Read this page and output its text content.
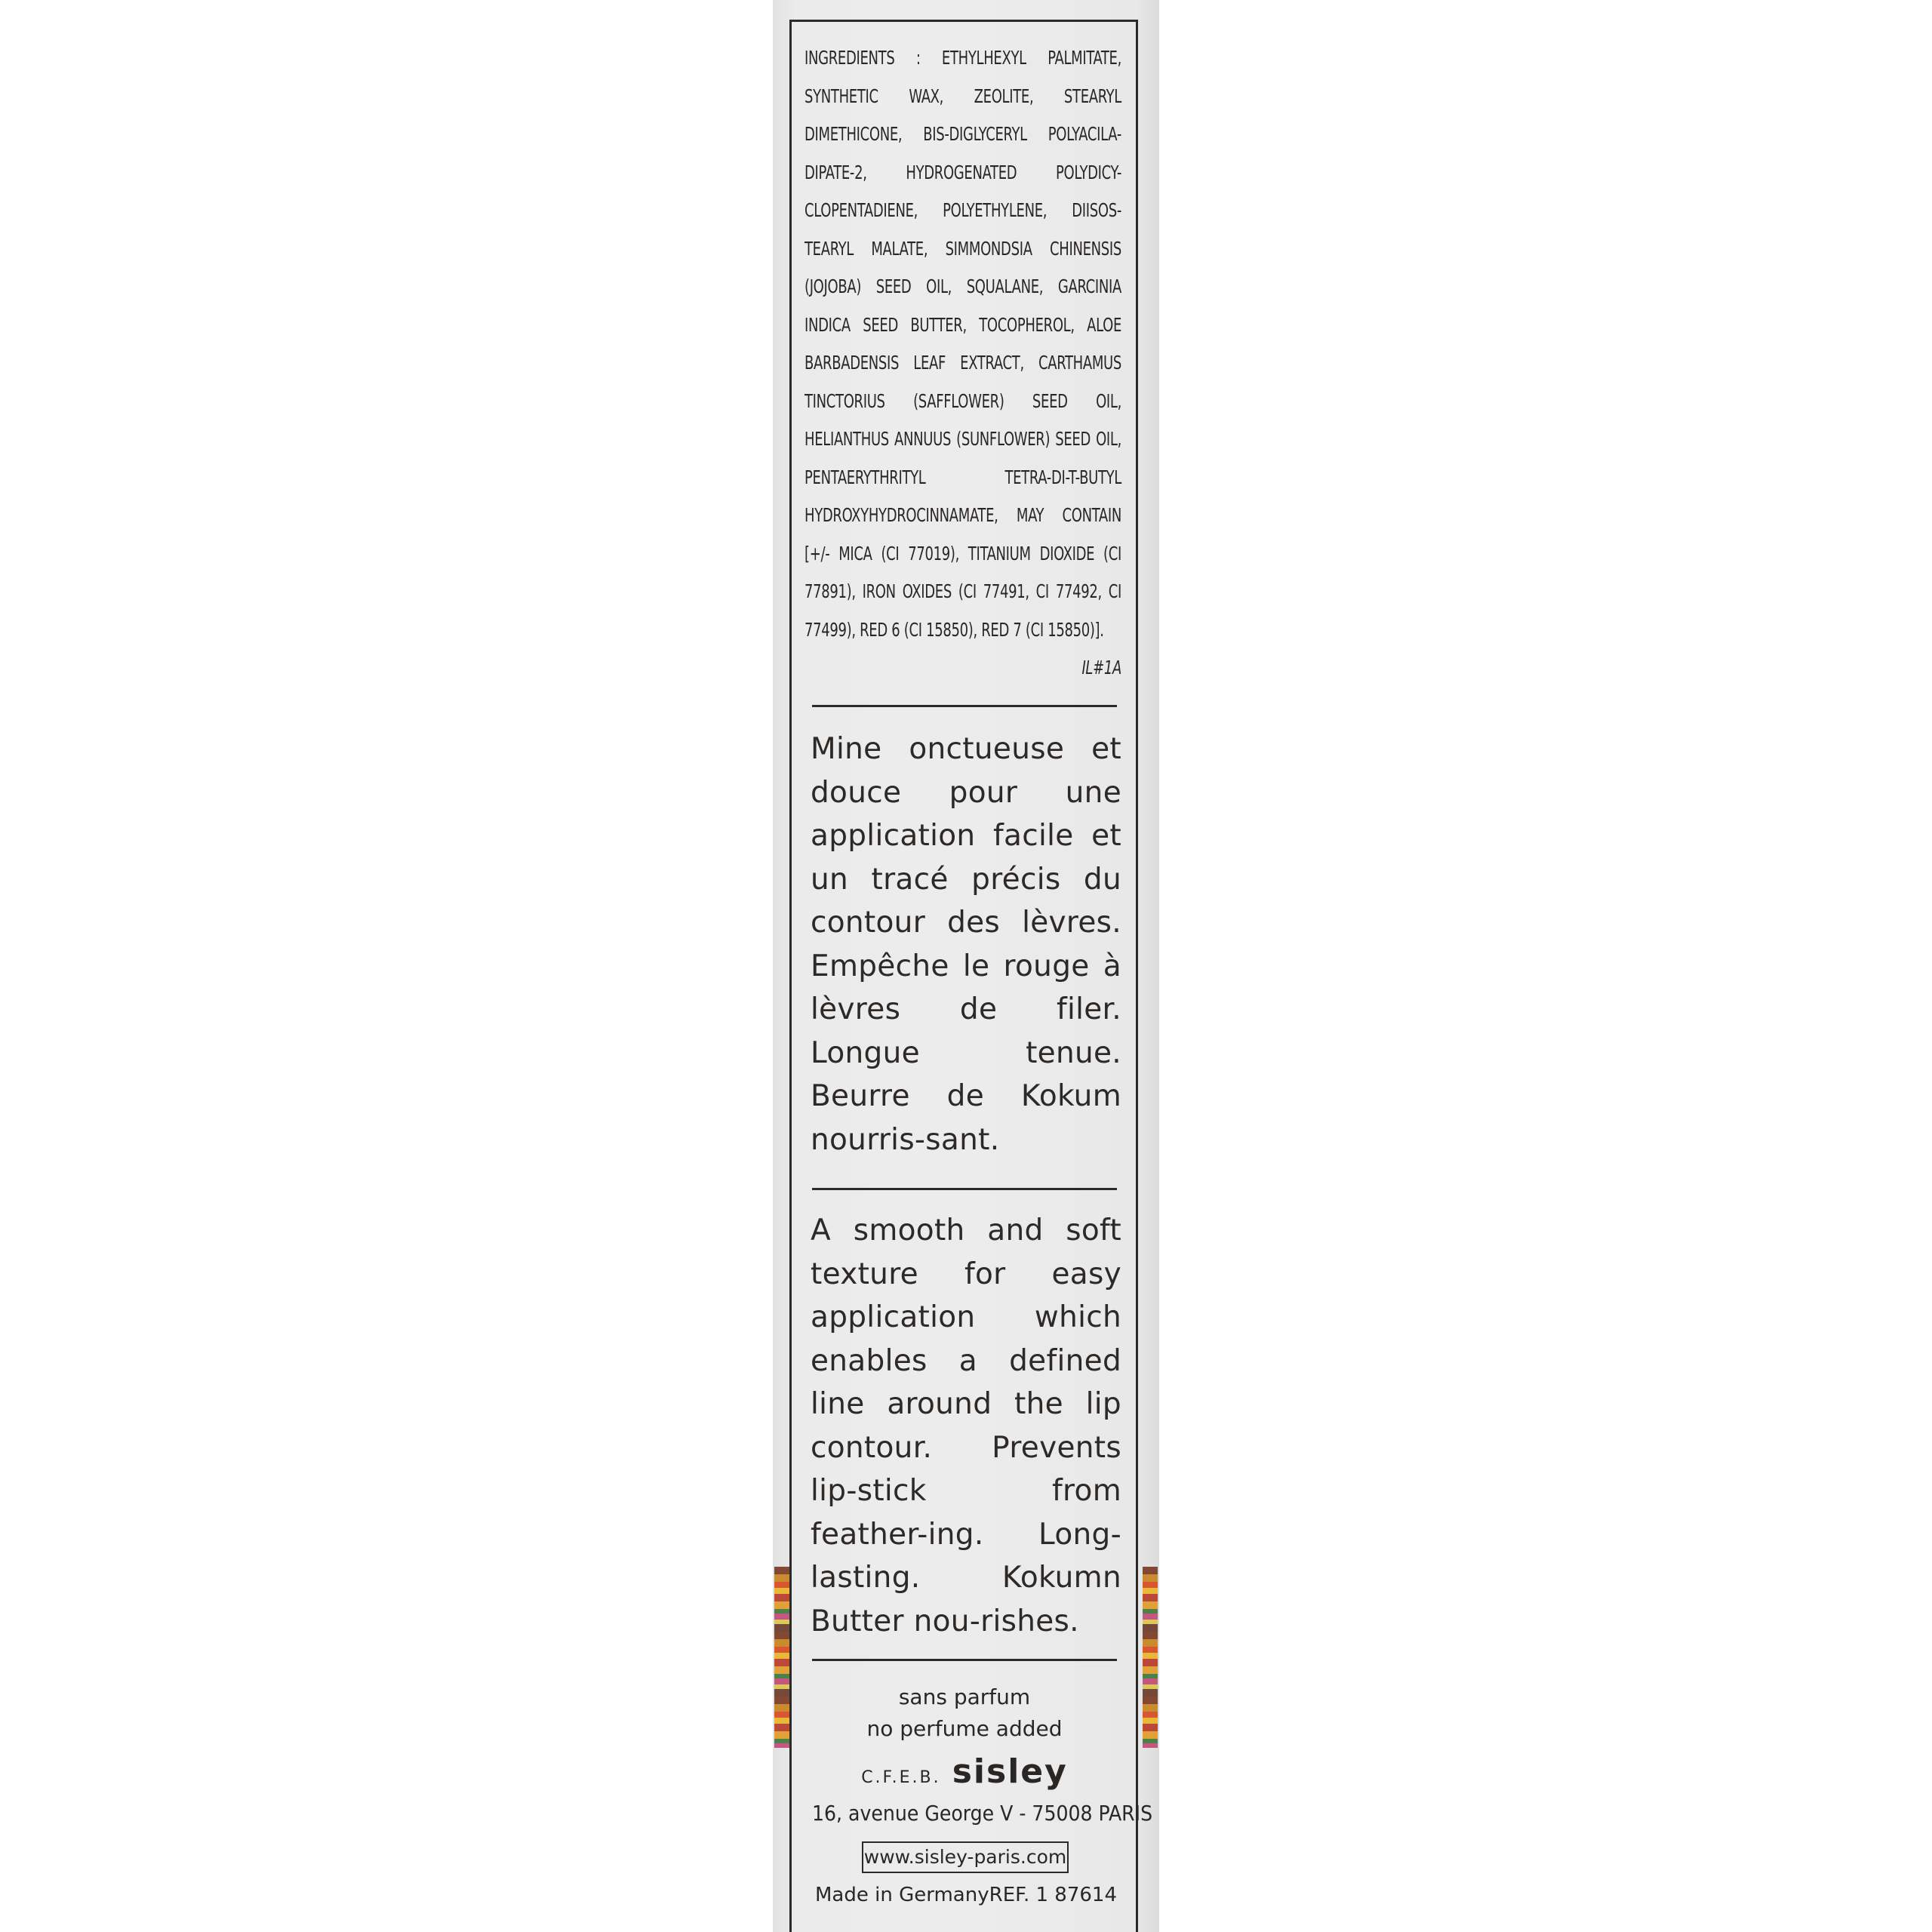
INGREDIENTS : ETHYLHEXYL PALMITATE, SYNTHETIC WAX, ZEOLITE, STEARYL DIMETHICONE, BIS-DIGLYCERYL POLYACILA-DIPATE-2, HYDROGENATED POLYDICY-CLOPENTADIENE, POLYETHYLENE, DIISOS-TEARYL MALATE, SIMMONDSIA CHINENSIS (JOJOBA) SEED OIL, SQUALANE, GARCINIA INDICA SEED BUTTER, TOCOPHEROL, ALOE BARBADENSIS LEAF EXTRACT, CARTHAMUS TINCTORIUS (SAFFLOWER) SEED OIL, HELIANTHUS ANNUUS (SUNFLOWER) SEED OIL, PENTAERYTHRITYL TETRA-DI-T-BUTYL HYDROXYHYDROCINNAMATE, MAY CONTAIN [+/- MICA (CI 77019), TITANIUM DIOXIDE (CI 77891), IRON OXIDES (CI 77491, CI 77492, CI 77499), RED 6 (CI 15850), RED 7 (CI 15850)].
IL#1A
Mine onctueuse et douce pour une application facile et un tracé précis du contour des lèvres. Empêche le rouge à lèvres de filer. Longue tenue. Beurre de Kokum nourris-sant.
A smooth and soft texture for easy application which enables a defined line around the lip contour. Prevents lip-stick from feather-ing. Long-lasting. Kokumn Butter nou-rishes.
sans parfum
no perfume added
C.F.E.B. sisley
16, avenue George V - 75008 PARIS
www.sisley-paris.com
Made in Germany REF. 1 87614
